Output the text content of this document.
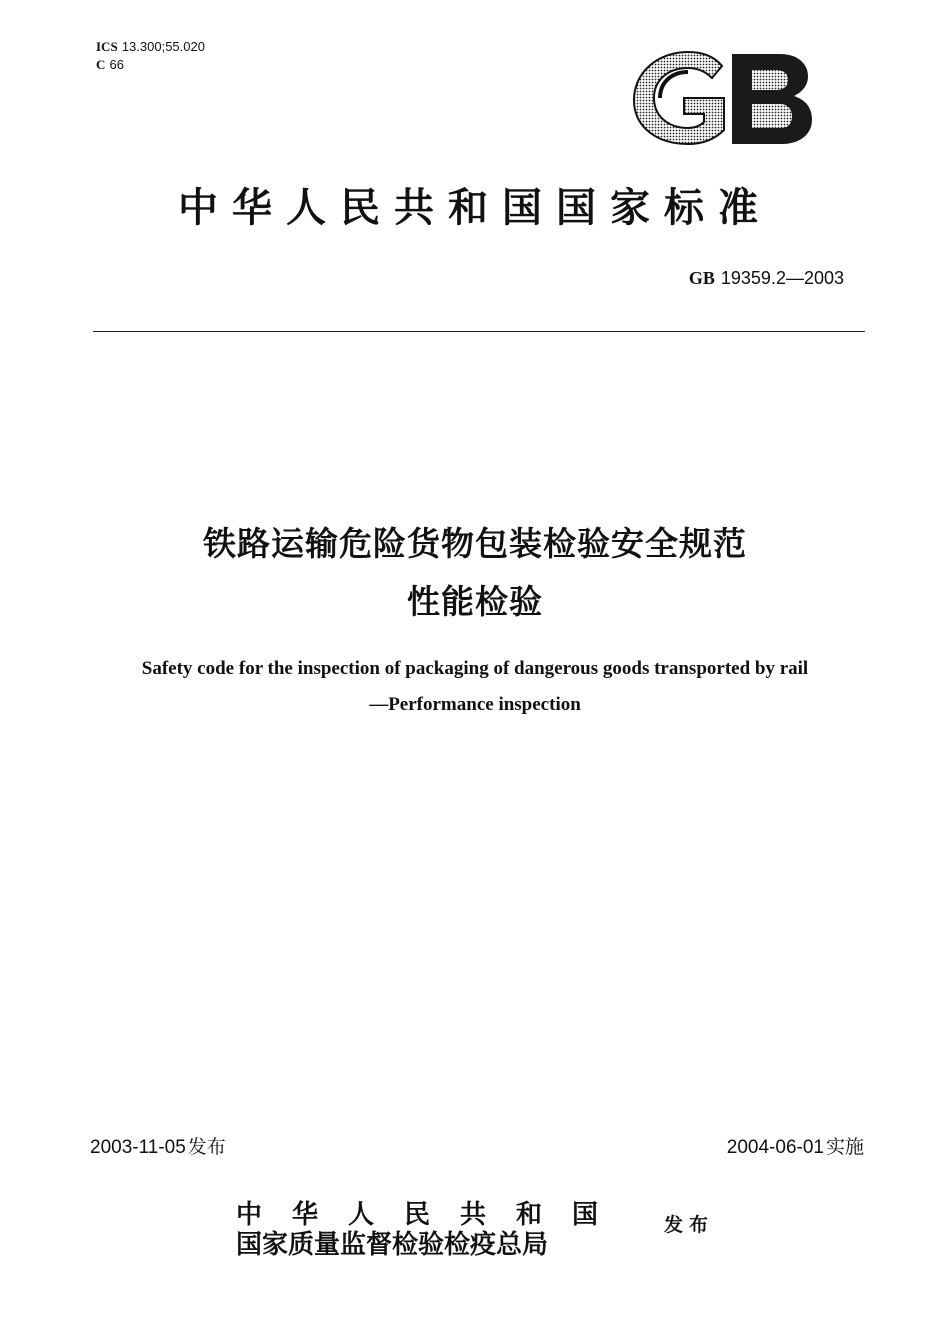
ICS 13.300;55.020
C 66
中华人民共和国国家标准
GB 19359.2—2003
铁路运输危险货物包装检验安全规范
性能检验
Safety code for the inspection of packaging of dangerous goods transported by rail
—Performance inspection
2003-11-05 发布	2004-06-01 实施
中华人民共和国
国家质量监督检验检疫总局
发布
